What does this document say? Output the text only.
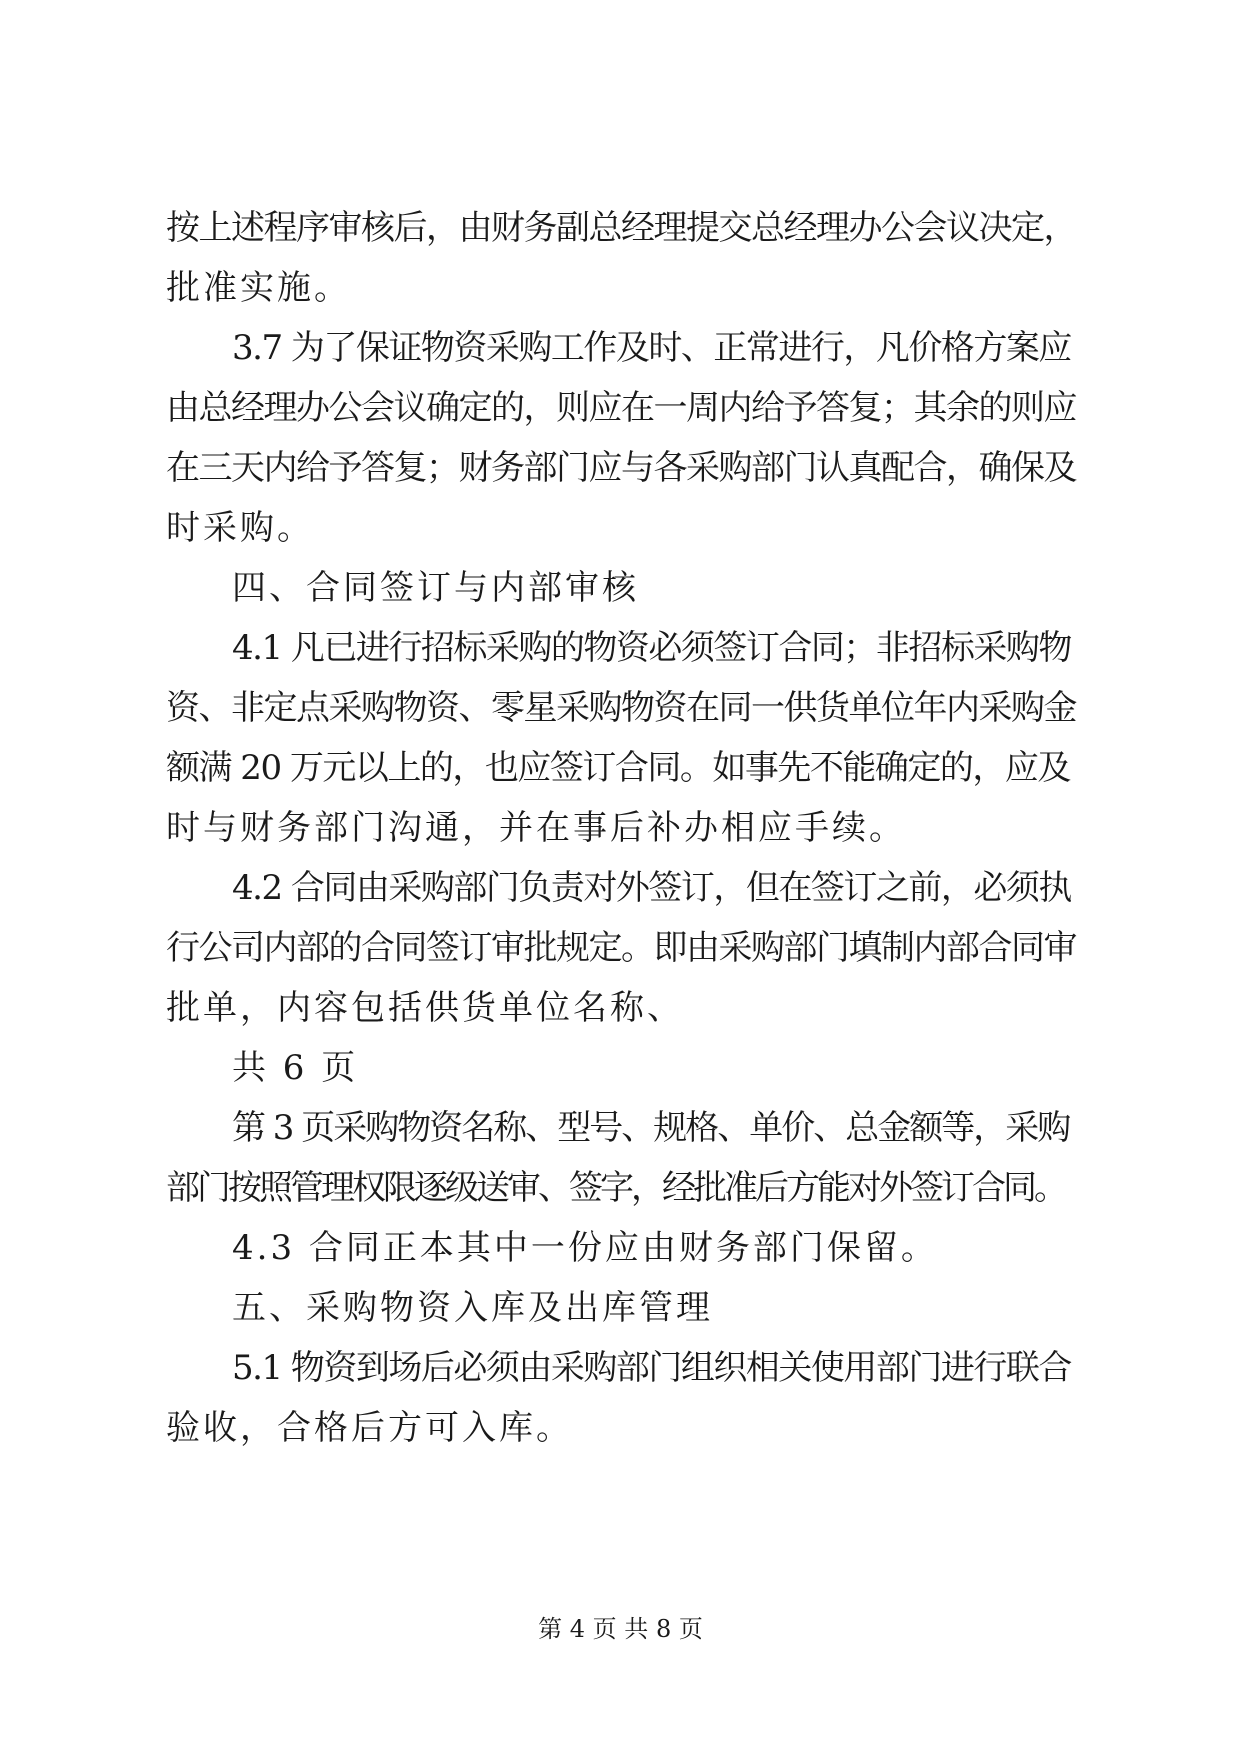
按上述程序审核后，由财务副总经理提交总经理办公会议决定，
批准实施。
3.7 为了保证物资采购工作及时、正常进行，凡价格方案应
由总经理办公会议确定的，则应在一周内给予答复；其余的则应
在三天内给予答复；财务部门应与各采购部门认真配合，确保及
时采购。
四、合同签订与内部审核
4.1 凡已进行招标采购的物资必须签订合同；非招标采购物
资、非定点采购物资、零星采购物资在同一供货单位年内采购金
额满 20 万元以上的，也应签订合同。如事先不能确定的，应及
时与财务部门沟通，并在事后补办相应手续。
4.2 合同由采购部门负责对外签订，但在签订之前，必须执
行公司内部的合同签订审批规定。即由采购部门填制内部合同审
批单，内容包括供货单位名称、
共 6 页
第 3 页采购物资名称、型号、规格、单价、总金额等，采购
部门按照管理权限逐级送审、签字，经批准后方能对外签订合同。
4.3 合同正本其中一份应由财务部门保留。
五、采购物资入库及出库管理
5.1 物资到场后必须由采购部门组织相关使用部门进行联合
验收，合格后方可入库。
第 4 页 共 8 页
